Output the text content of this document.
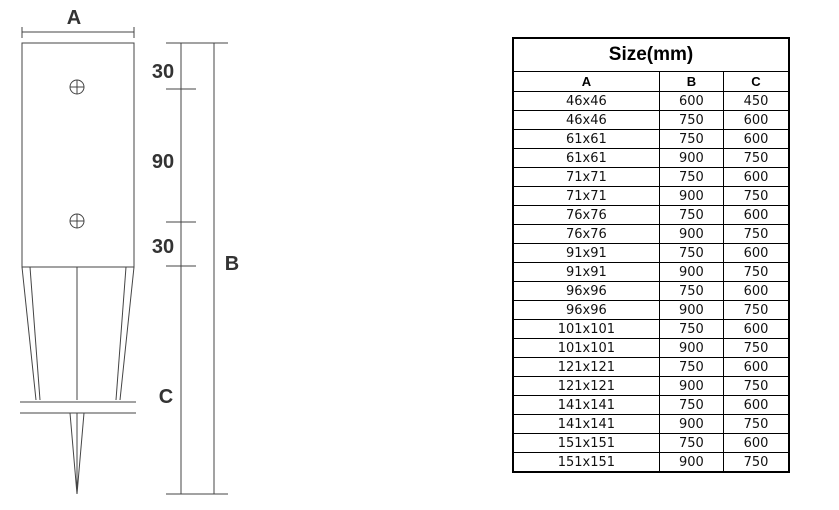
A
30
90
30
B
C
Size(mm)		
A	B	C
46x46	600	450
46x46	750	600
61x61	750	600
61x61	900	750
71x71	750	600
71x71	900	750
76x76	750	600
76x76	900	750
91x91	750	600
91x91	900	750
96x96	750	600
96x96	900	750
101x101	750	600
101x101	900	750
121x121	750	600
121x121	900	750
141x141	750	600
141x141	900	750
151x151	750	600
151x151	900	750
